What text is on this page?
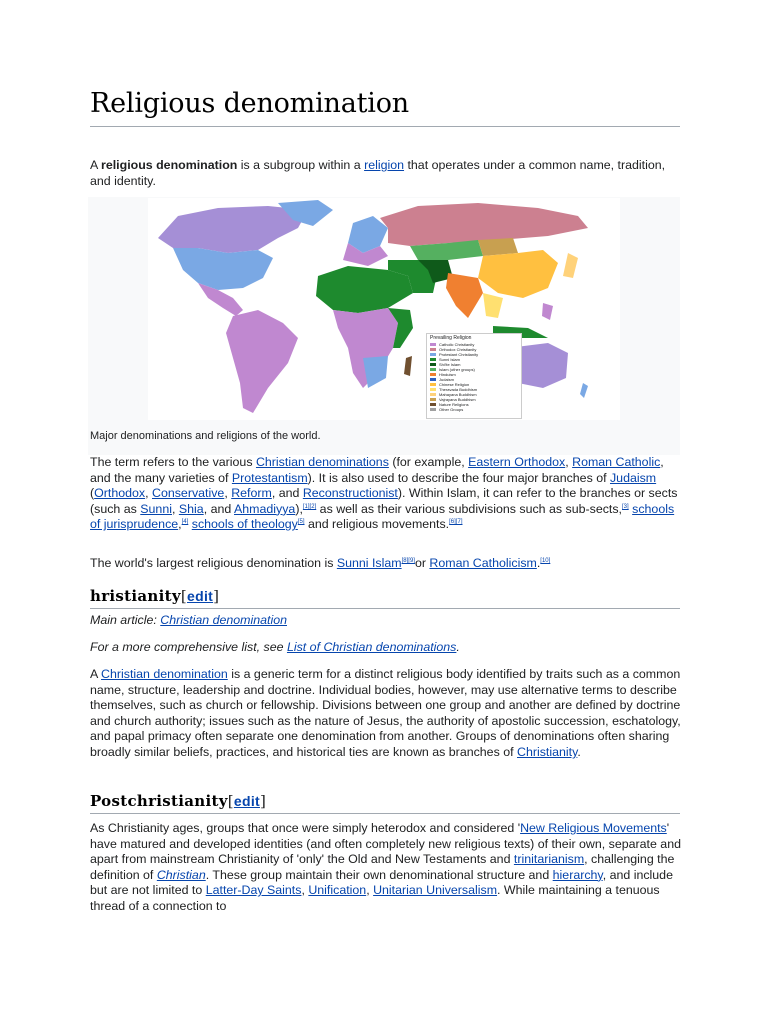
Religious denomination

A religious denomination is a subgroup within a religion that operates under a common name, tradition, and identity.

Prevailing Religion
Catholic Christianity
Orthodox Christianity
Protestant Christianity
Sunni Islam
Shi'ite Islam
Islam (other groups)
Hinduism
Judaism
Chinese Religion
Theravada Buddhism
Mahayana Buddhism
Vajrayana Buddhism
Nature Religions
Other Groups
Major denominations and religions of the world.

The term refers to the various Christian denominations (for example, Eastern Orthodox, Roman Catholic, and the many varieties of Protestantism). It is also used to describe the four major branches of Judaism (Orthodox, Conservative, Reform, and Reconstructionist). Within Islam, it can refer to the branches or sects (such as Sunni, Shia, and Ahmadiyya),[1][2] as well as their various subdivisions such as sub-sects,[3] schools of jurisprudence,[4] schools of theology[5] and religious movements.[6][7]

The world's largest religious denomination is Sunni Islam[8][9]or Roman Catholicism.[10]

hristianity[edit]

Main article: Christian denomination

For a more comprehensive list, see List of Christian denominations.

A Christian denomination is a generic term for a distinct religious body identified by traits such as a common name, structure, leadership and doctrine. Individual bodies, however, may use alternative terms to describe themselves, such as church or fellowship. Divisions between one group and another are defined by doctrine and church authority; issues such as the nature of Jesus, the authority of apostolic succession, eschatology, and papal primacy often separate one denomination from another. Groups of denominations often sharing broadly similar beliefs, practices, and historical ties are known as branches of Christianity.

Postchristianity[edit]

As Christianity ages, groups that once were simply heterodox and considered 'New Religious Movements' have matured and developed identities (and often completely new religious texts) of their own, separate and apart from mainstream Christianity of 'only' the Old and New Testaments and trinitarianism, challenging the definition of Christian. These group maintain their own denominational structure and hierarchy, and include but are not limited to Latter-Day Saints, Unification, Unitarian Universalism. While maintaining a tenuous thread of a connection to
